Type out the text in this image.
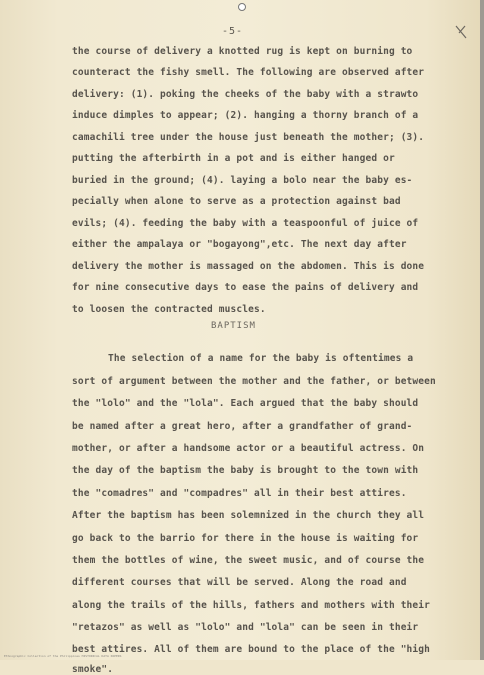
-5-
the course of delivery a knotted rug is kept on burning to
counteract the fishy smell. The following are observed after
delivery: (1). poking the cheeks of the baby with a strawto
induce dimples to appear; (2). hanging a thorny branch of a
camachili tree under the house just beneath the mother; (3).
putting the afterbirth in a pot and is either hanged or
buried in the ground; (4). laying a bolo near the baby es-
pecially when alone to serve as a protection against bad
evils; (4). feeding the baby with a teaspoonful of juice of
either the ampalaya or "bogayong",etc. The next day after
delivery the mother is massaged on the abdomen. This is done
for nine consecutive days to ease the pains of delivery and
to loosen the contracted muscles.
BAPTISM
The selection of a name for the baby is oftentimes a
sort of argument between the mother and the father, or between
the "lolo" and the "lola". Each argued that the baby should
be named after a great hero, after a grandfather of grand-
mother, or after a handsome actor or a beautiful actress. On
the day of the baptism the baby is brought to the town with
the "comadres" and "compadres" all in their best attires.
After the baptism has been solemnized in the church they all
go back to the barrio for there in the house is waiting for
them the bottles of wine, the sweet music, and of course the
different courses that will be served. Along the road and
along the trails of the hills, fathers and mothers with their
"retazos" as well as "lolo" and "lola" can be seen in their
best attires. All of them are bound to the place of the "high
smoke".
Ethnographic Collection of the Philippines HISTORICAL DATA PAPERS
